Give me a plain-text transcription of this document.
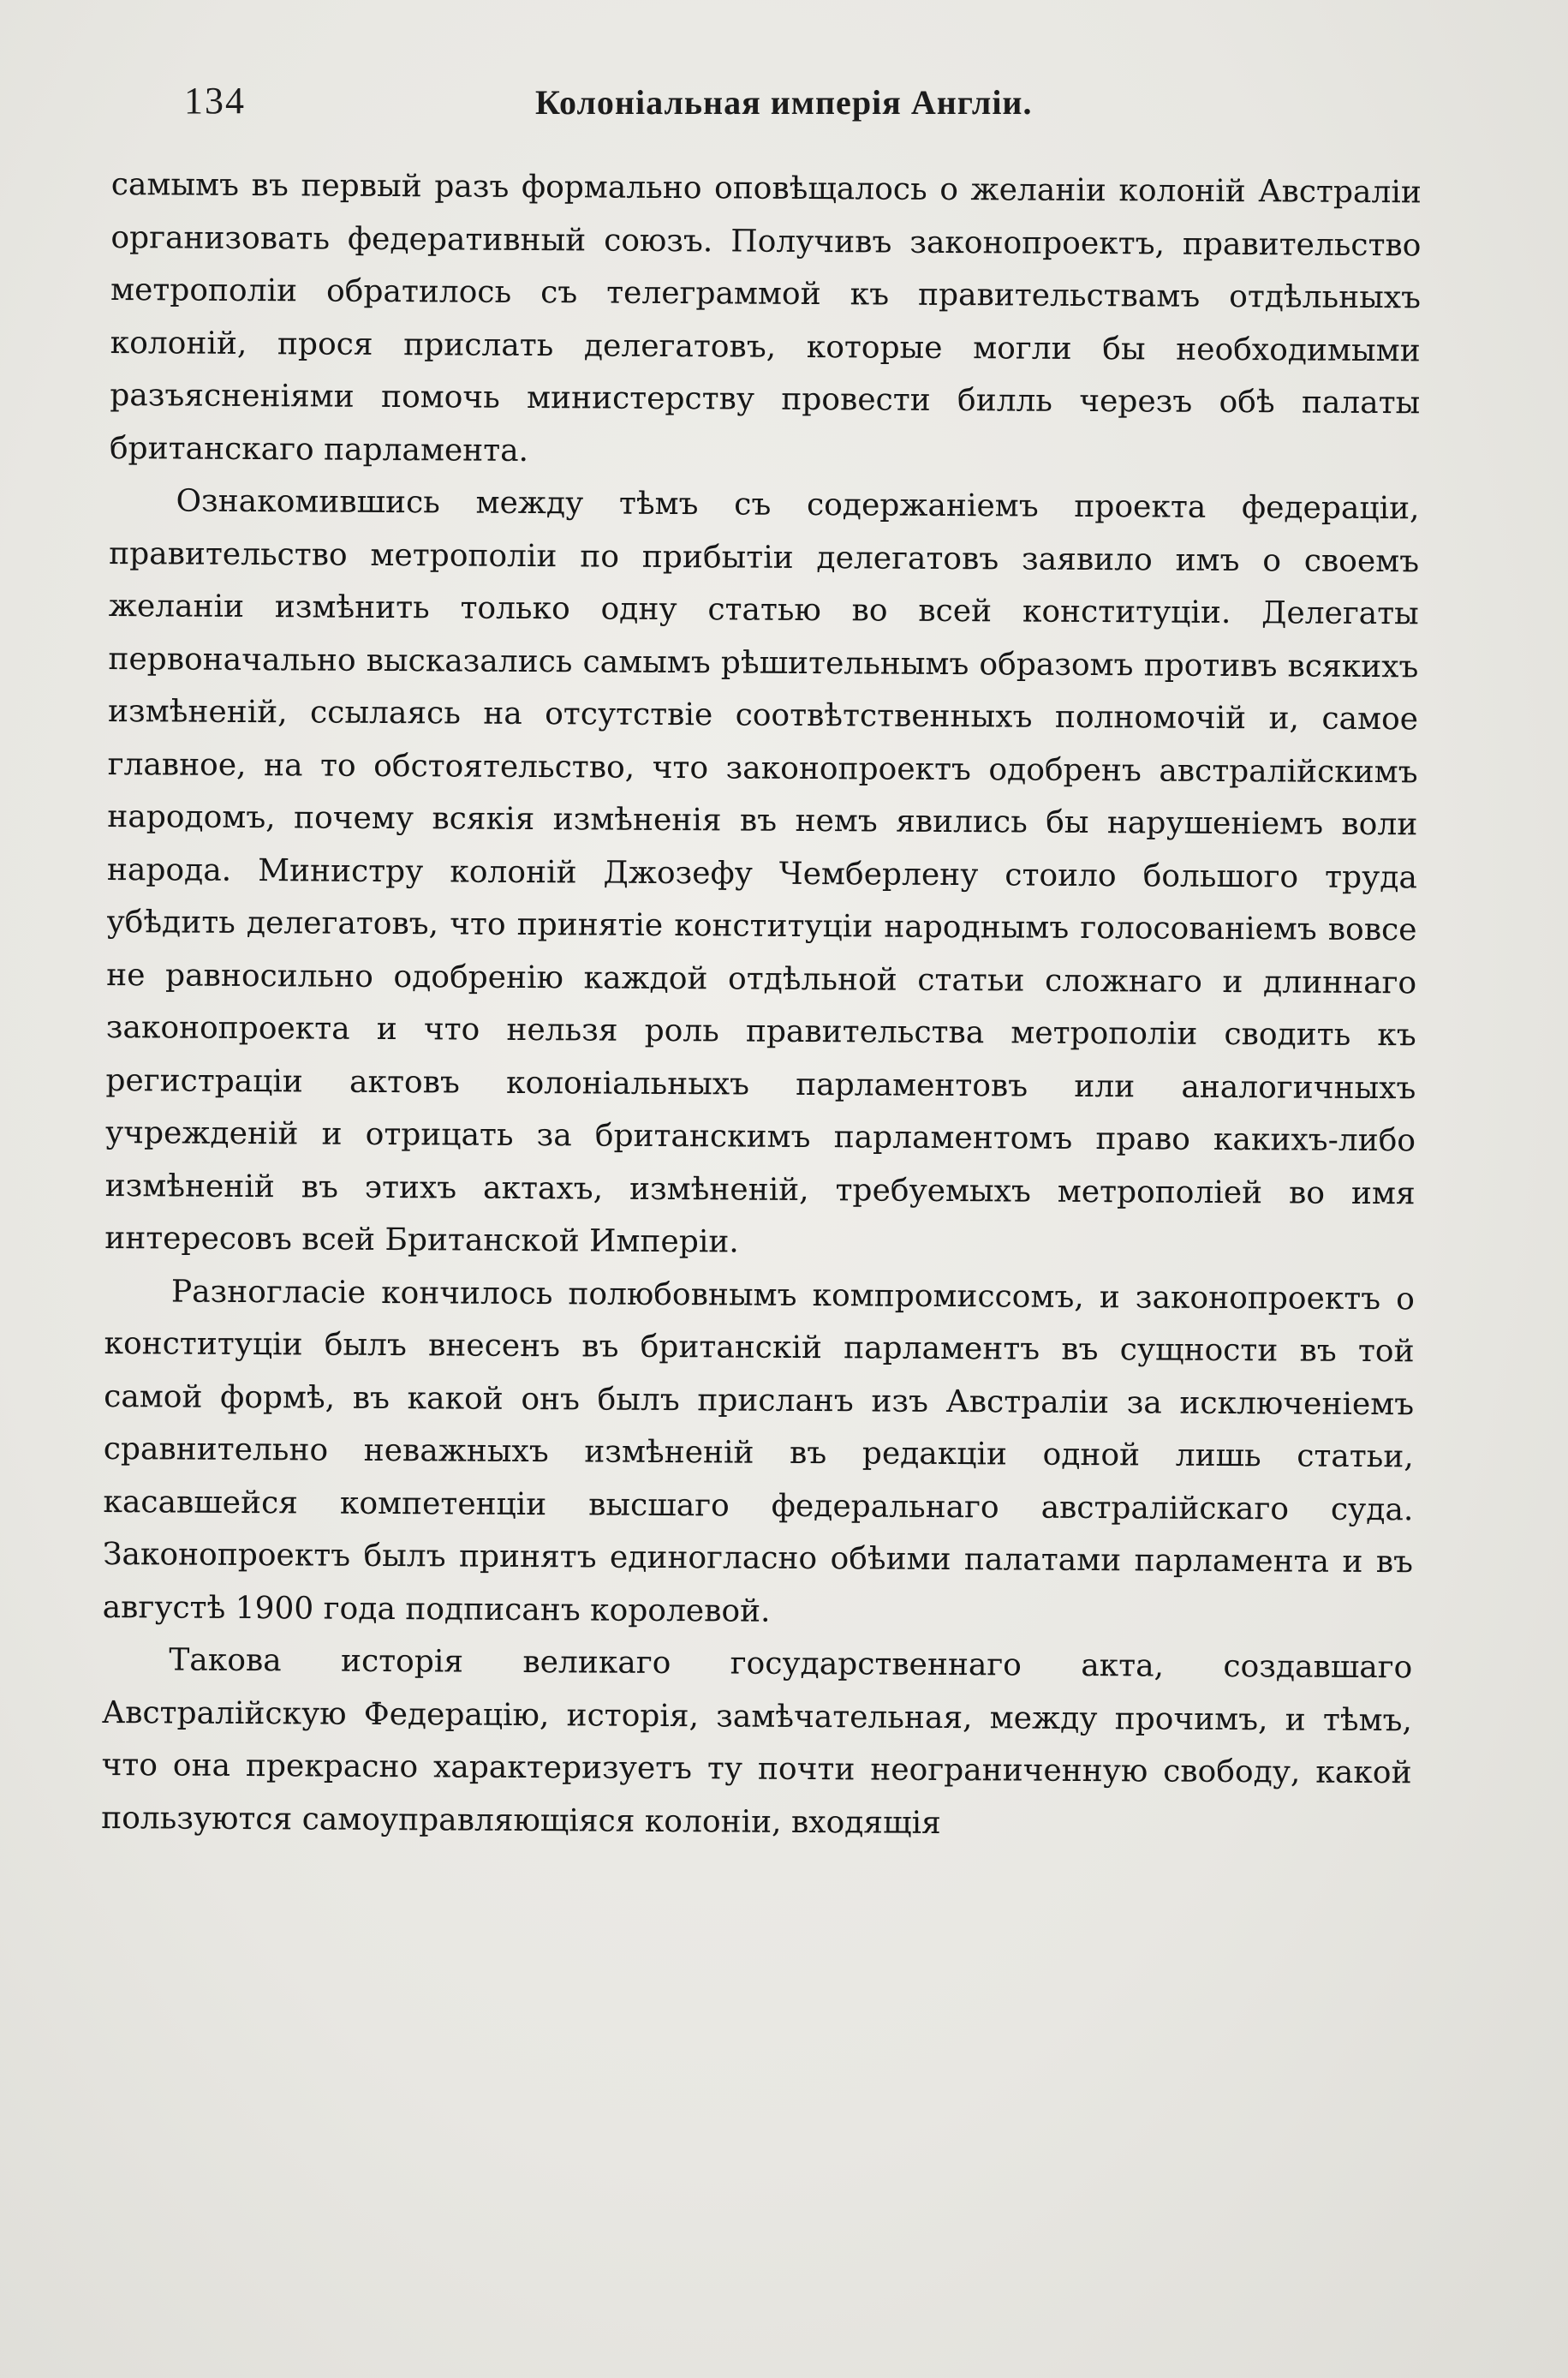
134	Колоніальная имперія Англіи.

самымъ въ первый разъ формально оповѣщалось о желаніи колоній Австраліи организовать федеративный союзъ. Получивъ законопроектъ, правительство метрополіи обратилось съ телеграммой къ правительствамъ отдѣльныхъ колоній, прося прислать делегатовъ, которые могли бы необходимыми разъясненіями помочь министерству провести билль черезъ обѣ палаты британскаго парламента.

Ознакомившись между тѣмъ съ содержаніемъ проекта федераціи, правительство метрополіи по прибытіи делегатовъ заявило имъ о своемъ желаніи измѣнить только одну статью во всей конституціи. Делегаты первоначально высказались самымъ рѣшительнымъ образомъ противъ всякихъ измѣненій, ссылаясь на отсутствіе соотвѣтственныхъ полномочій и, самое главное, на то обстоятельство, что законопроектъ одобренъ австралійскимъ народомъ, почему всякія измѣненія въ немъ явились бы нарушеніемъ воли народа. Министру колоній Джозефу Чемберлену стоило большого труда убѣдить делегатовъ, что принятіе конституціи народнымъ голосованіемъ вовсе не равносильно одобренію каждой отдѣльной статьи сложнаго и длиннаго законопроекта и что нельзя роль правительства метрополіи сводить къ регистраціи актовъ колоніальныхъ парламентовъ или аналогичныхъ учрежденій и отрицать за британскимъ парламентомъ право какихъ-либо измѣненій въ этихъ актахъ, измѣненій, требуемыхъ метрополіей во имя интересовъ всей Британской Имперіи.

Разногласіе кончилось полюбовнымъ компромиссомъ, и законопроектъ о конституціи былъ внесенъ въ британскій парламентъ въ сущности въ той самой формѣ, въ какой онъ былъ присланъ изъ Австраліи за исключеніемъ сравнительно неважныхъ измѣненій въ редакціи одной лишь статьи, касавшейся компетенціи высшаго федеральнаго австралійскаго суда. Законопроектъ былъ принятъ единогласно обѣими палатами парламента и въ августѣ 1900 года подписанъ королевой.

Такова исторія великаго государственнаго акта, создавшаго Австралійскую Федерацію, исторія, замѣчательная, между прочимъ, и тѣмъ, что она прекрасно характеризуетъ ту почти неограниченную свободу, какой пользуются самоуправляющіяся колоніи, входящія
